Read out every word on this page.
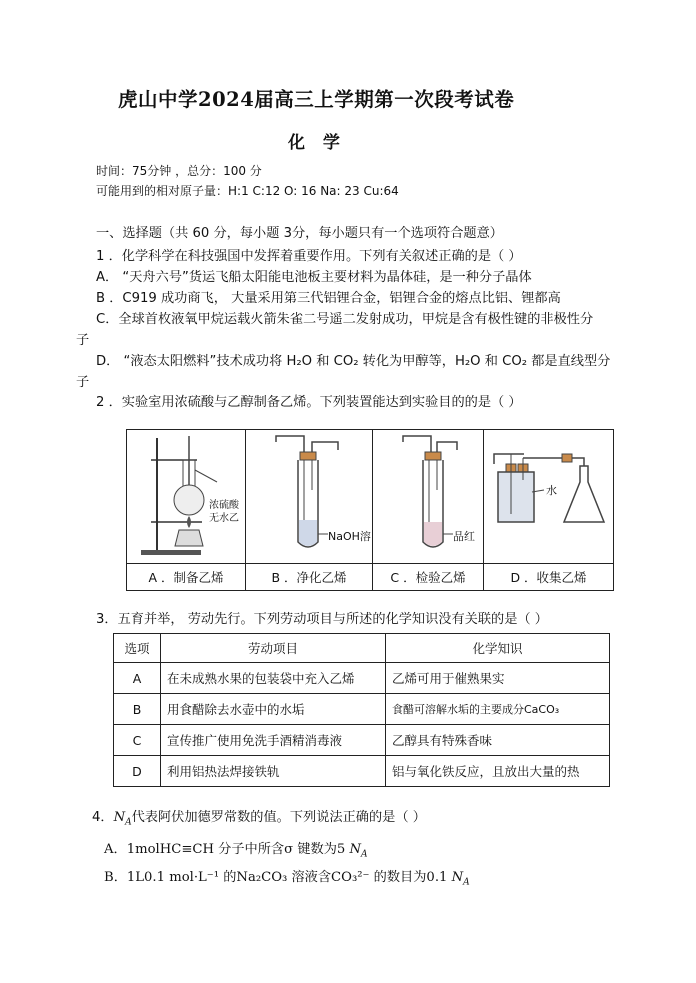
虎山中学2024届高三上学期第一次段考试卷
化 学
时间：75分钟 ，总分：100 分
可能用到的相对原子量：H:1 C:12 O: 16 Na: 23 Cu:64
一、选择题（共 60 分，每小题 3分，每小题只有一个选项符合题意）
1 ．化学科学在科技强国中发挥着重要作用。下列有关叙述正确的是（ ）
A． “天舟六号”货运飞船太阳能电池板主要材料为晶体硅，是一种分子晶体
B ．C919 成功商飞， 大量采用第三代铝锂合金，铝锂合金的熔点比铝、锂都高
C．全球首枚液氧甲烷运载火箭朱雀二号遥二发射成功，甲烷是含有极性键的非极性分
子
D． “液态太阳燃料”技术成功将 H₂O 和 CO₂ 转化为甲醇等，H₂O 和 CO₂ 都是直线型分
子
2 ．实验室用浓硫酸与乙醇制备乙烯。下列装置能达到实验目的的是（ ）
浓硫酸
无水乙
A ．制备乙烯
NaOH溶
B ．净化乙烯
品红
C ．检验乙烯
水
D ．收集乙烯
3．五育并举， 劳动先行。下列劳动项目与所述的化学知识没有关联的是（ ）
选项	劳动项目	化学知识
A	在未成熟水果的包装袋中充入乙烯	乙烯可用于催熟果实
B	用食醋除去水壶中的水垢	食醋可溶解水垢的主要成分CaCO₃
C	宣传推广使用免洗手酒精消毒液	乙醇具有特殊香味
D	利用铝热法焊接铁轨	铝与氧化铁反应，且放出大量的热
4．$N_A$代表阿伏加德罗常数的值。下列说法正确的是（ ）
A．1molHC≡CH 分子中所含σ 键数为5 $N_A$
B．1L0.1 mol·L⁻¹ 的Na₂CO₃ 溶液含CO₃²⁻ 的数目为0.1 $N_A$
